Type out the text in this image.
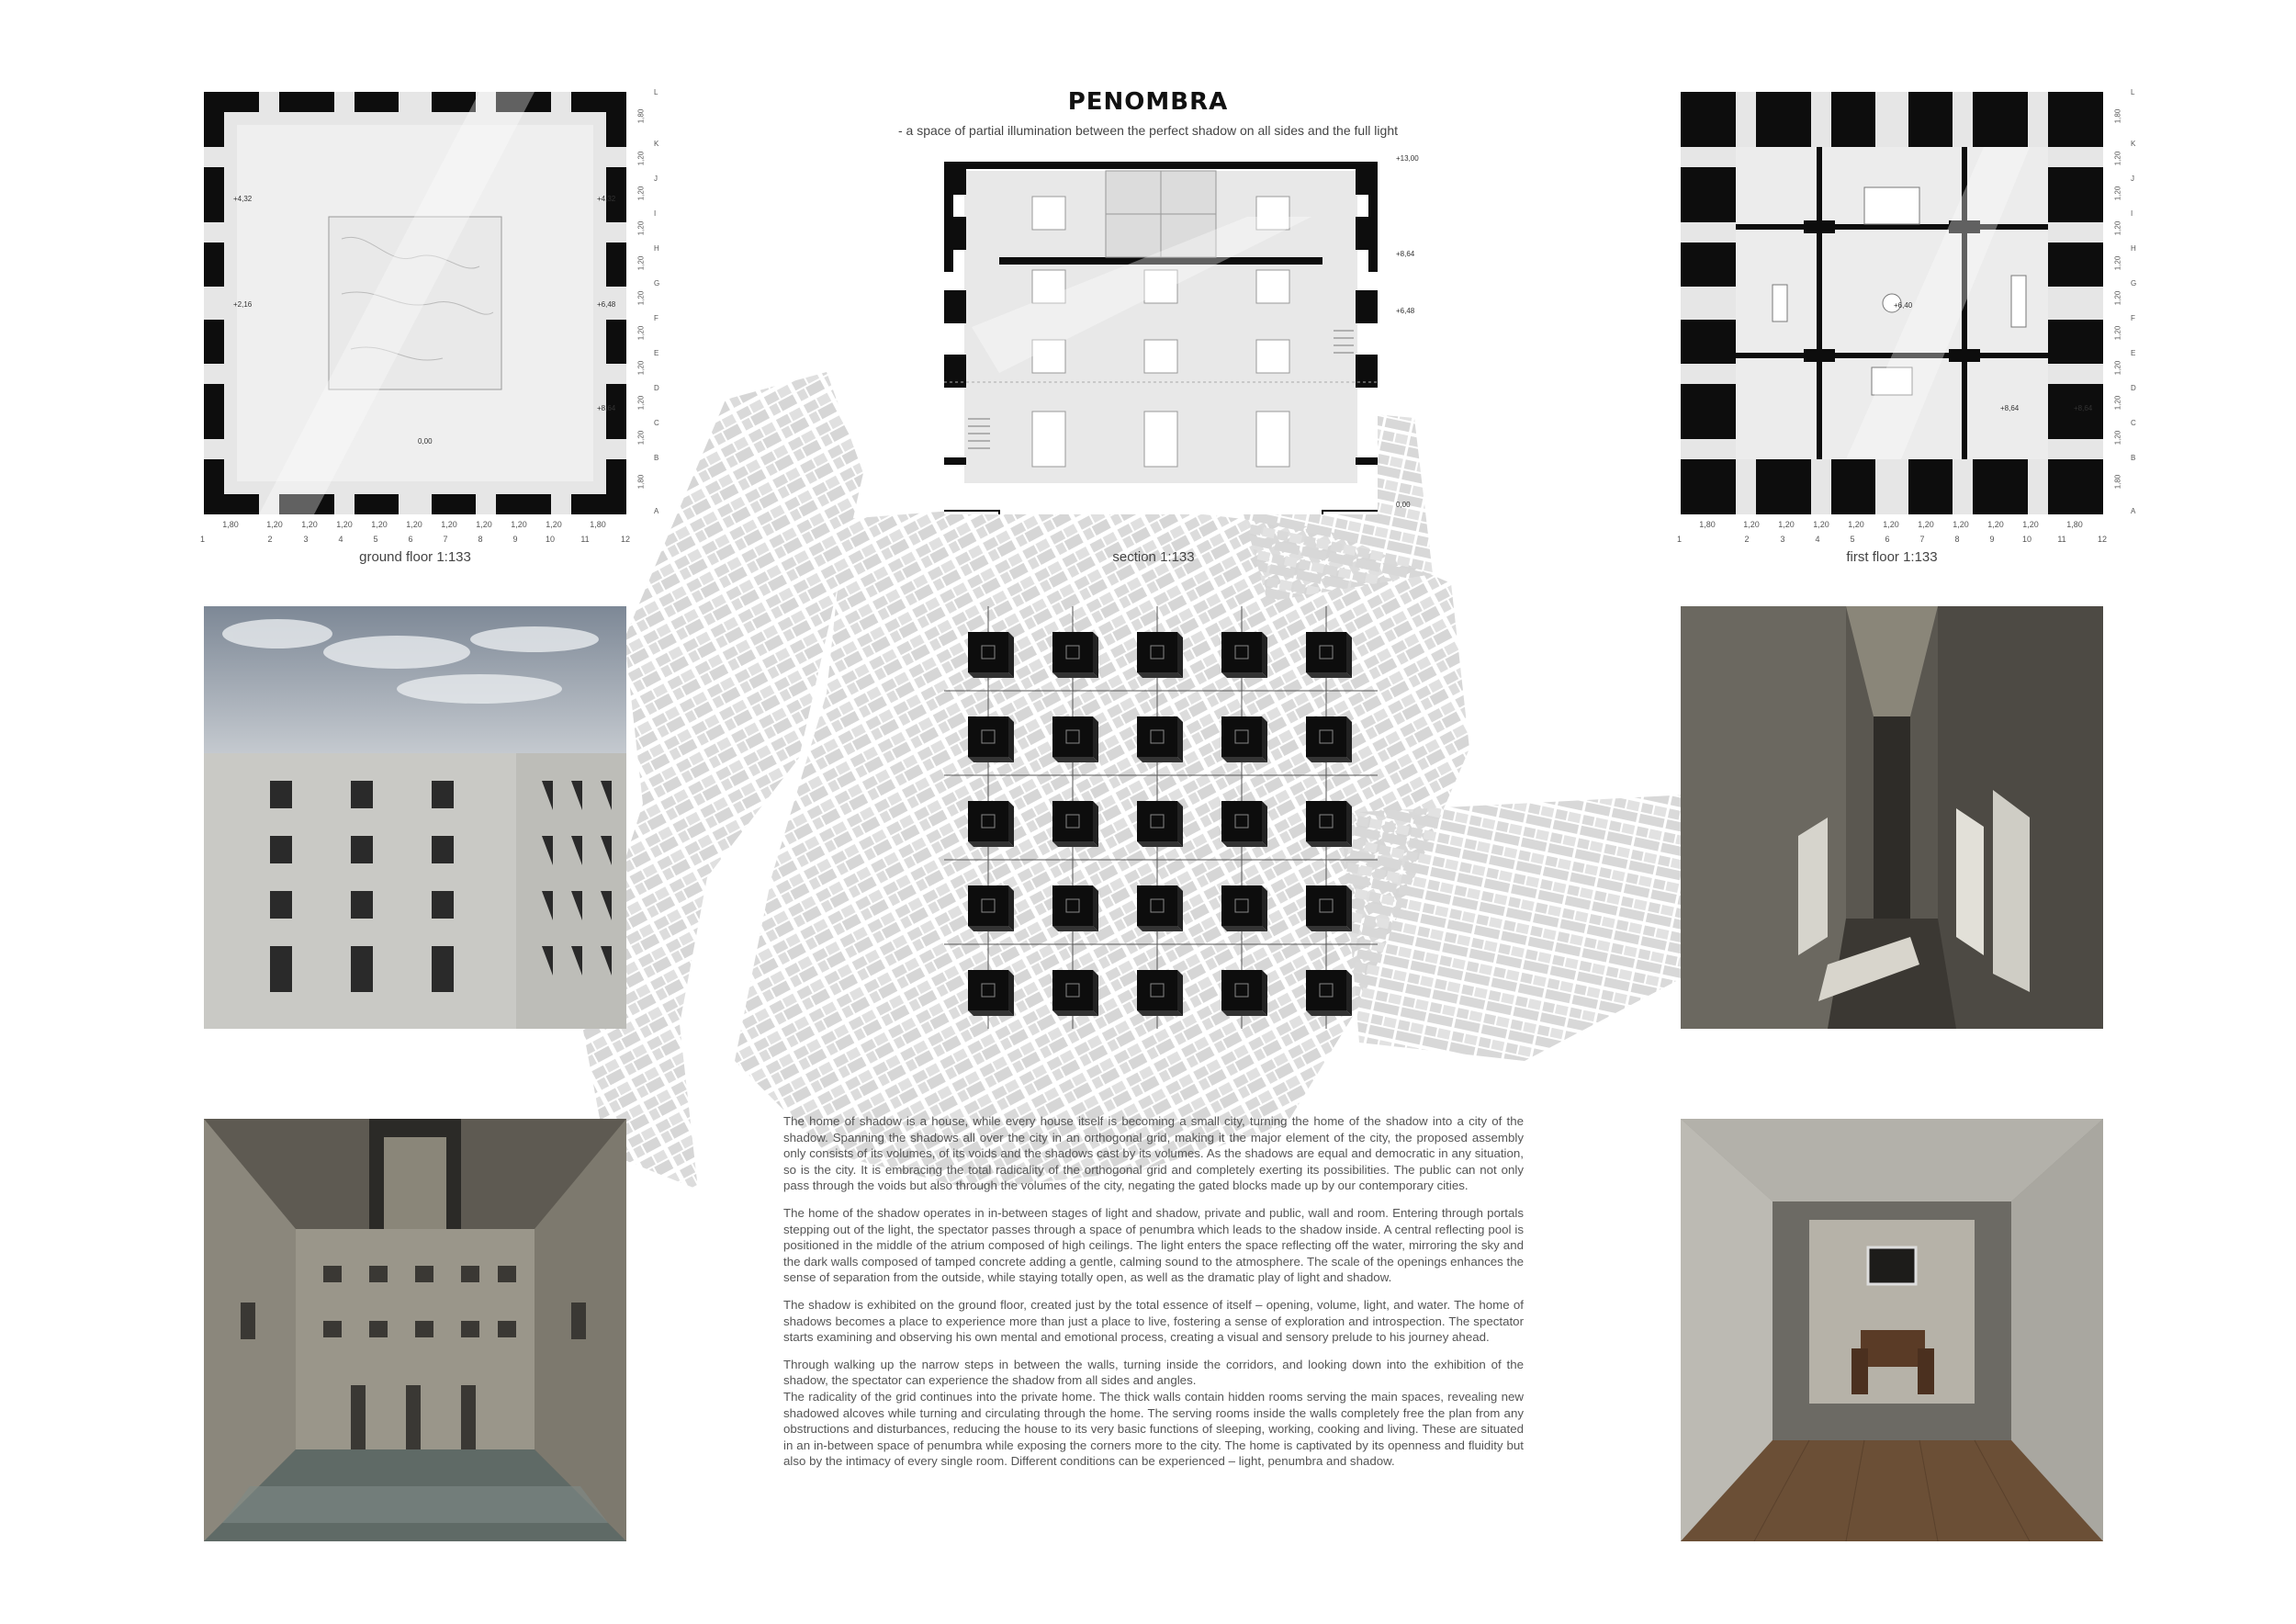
PENOMBRA
- a space of partial illumination between the perfect shadow on all sides and the full light
+4,32	+4,32
+2,16	+6,48
+8,64
0,00
1,80	1,20	1,20	1,20	1,20	1,20	1,20	1,20	1,20	1,20	1,80
1	2	3	4	5	6	7	8	9	10	11	12
L
K
J
I
H
G
F
E
D
C
B
A
1,80
1,20
1,20
1,20
1,20
1,20
1,20
1,20
1,20
1,20
1,80
ground floor 1:133
+13,00
+8,64
+6,48
0,00
section 1:133
+6,40
+8,64	+8,64
1,80	1,20	1,20	1,20	1,20	1,20	1,20	1,20	1,20	1,20	1,80
1	2	3	4	5	6	7	8	9	10	11	12
L
K
J
I
H
G
F
E
D
C
B
A
1,80
1,20
1,20
1,20
1,20
1,20
1,20
1,20
1,20
1,20
1,80
first floor 1:133

The home of shadow is a house, while every house itself is becoming a small city, turning the home of the shadow into a city of the shadow. Spanning the shadows all over the city in an orthogonal grid, making it the major element of the city, the proposed assembly only consists of its volumes, of its voids and the shadows cast by its volumes. As the shadows are equal and democratic in any situation, so is the city. It is embracing the total radicality of the orthogonal grid and completely exerting its possibilities. The public can not only pass through the voids but also through the volumes of the city, negating the gated blocks made up by our contemporary cities.

The home of the shadow operates in in-between stages of light and shadow, private and public, wall and room. Entering through portals stepping out of the light, the spectator passes through a space of penumbra which leads to the shadow inside. A central reflecting pool is positioned in the middle of the atrium composed of high ceilings. The light enters the space reflecting off the water, mirroring the sky and the dark walls composed of tamped concrete adding a gentle, calming sound to the atmosphere. The scale of the openings enhances the sense of separation from the outside, while staying totally open, as well as the dramatic play of light and shadow.

The shadow is exhibited on the ground floor, created just by the total essence of itself – opening, volume, light, and water. The home of shadows becomes a place to experience more than just a place to live, fostering a sense of exploration and introspection. The spectator starts examining and observing his own mental and emotional process, creating a visual and sensory prelude to his journey ahead.

Through walking up the narrow steps in between the walls, turning inside the corridors, and looking down into the exhibition of the shadow, the spectator can experience the shadow from all sides and angles.

The radicality of the grid continues into the private home. The thick walls contain hidden rooms serving the main spaces, revealing new shadowed alcoves while turning and circulating through the home. The serving rooms inside the walls completely free the plan from any obstructions and disturbances, reducing the house to its very basic functions of sleeping, working, cooking and living. These are situated in an in-between space of penumbra while exposing the corners more to the city. The home is captivated by its openness and fluidity but also by the intimacy of every single room. Different conditions can be experienced – light, penumbra and shadow.
